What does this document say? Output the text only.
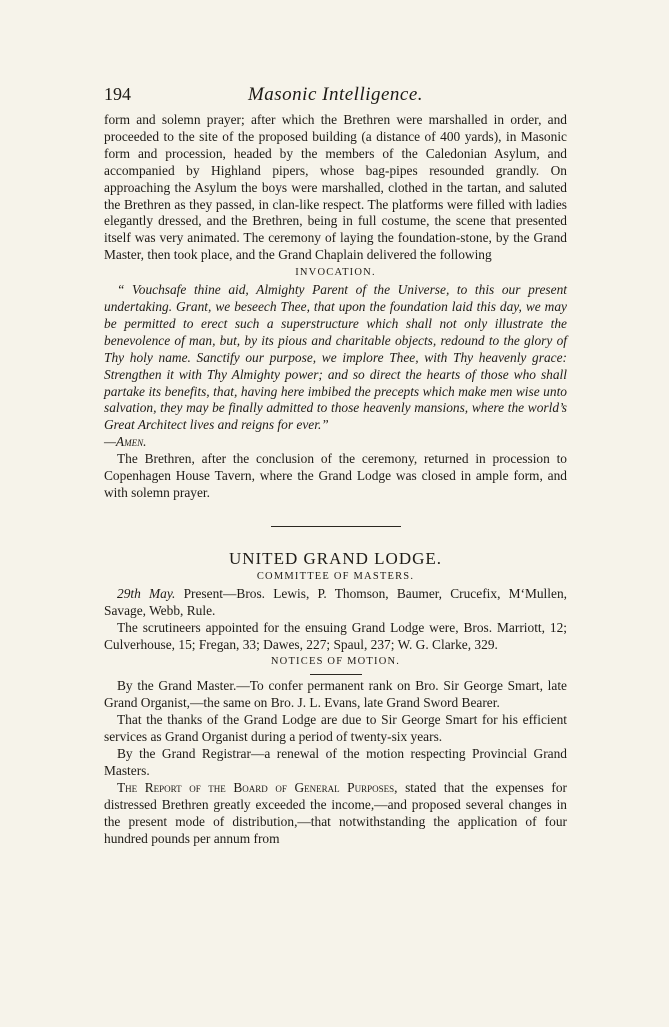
194	Masonic Intelligence.

form and solemn prayer; after which the Brethren were marshalled in order, and proceeded to the site of the proposed building (a distance of 400 yards), in Masonic form and procession, headed by the members of the Caledonian Asylum, and accompanied by Highland pipers, whose bag-pipes resounded grandly. On approaching the Asylum the boys were marshalled, clothed in the tartan, and saluted the Brethren as they passed, in clan-like respect. The platforms were filled with ladies elegantly dressed, and the Brethren, being in full costume, the scene that presented itself was very animated. The ceremony of laying the foundation-stone, by the Grand Master, then took place, and the Grand Chaplain delivered the following

INVOCATION.

“ Vouchsafe thine aid, Almighty Parent of the Universe, to this our present undertaking. Grant, we beseech Thee, that upon the foundation laid this day, we may be permitted to erect such a superstructure which shall not only illustrate the benevolence of man, but, by its pious and charitable objects, redound to the glory of Thy holy name. Sanctify our purpose, we implore Thee, with Thy heavenly grace: Strengthen it with Thy Almighty power; and so direct the hearts of those who shall partake its benefits, that, having here imbibed the precepts which make men wise unto salvation, they may be finally admitted to those heavenly mansions, where the world’s Great Architect lives and reigns for ever.”

—Amen.

The Brethren, after the conclusion of the ceremony, returned in procession to Copenhagen House Tavern, where the Grand Lodge was closed in ample form, and with solemn prayer.

UNITED GRAND LODGE.
COMMITTEE OF MASTERS.

29th May. Present—Bros. Lewis, P. Thomson, Baumer, Crucefix, M‘Mullen, Savage, Webb, Rule.

The scrutineers appointed for the ensuing Grand Lodge were, Bros. Marriott, 12; Culverhouse, 15; Fregan, 33; Dawes, 227; Spaul, 237; W. G. Clarke, 329.

NOTICES OF MOTION.

By the Grand Master.—To confer permanent rank on Bro. Sir George Smart, late Grand Organist,—the same on Bro. J. L. Evans, late Grand Sword Bearer.

That the thanks of the Grand Lodge are due to Sir George Smart for his efficient services as Grand Organist during a period of twenty-six years.

By the Grand Registrar—a renewal of the motion respecting Provincial Grand Masters.

The Report of the Board of General Purposes, stated that the expenses for distressed Brethren greatly exceeded the income,—and proposed several changes in the present mode of distribution,—that notwithstanding the application of four hundred pounds per annum from
